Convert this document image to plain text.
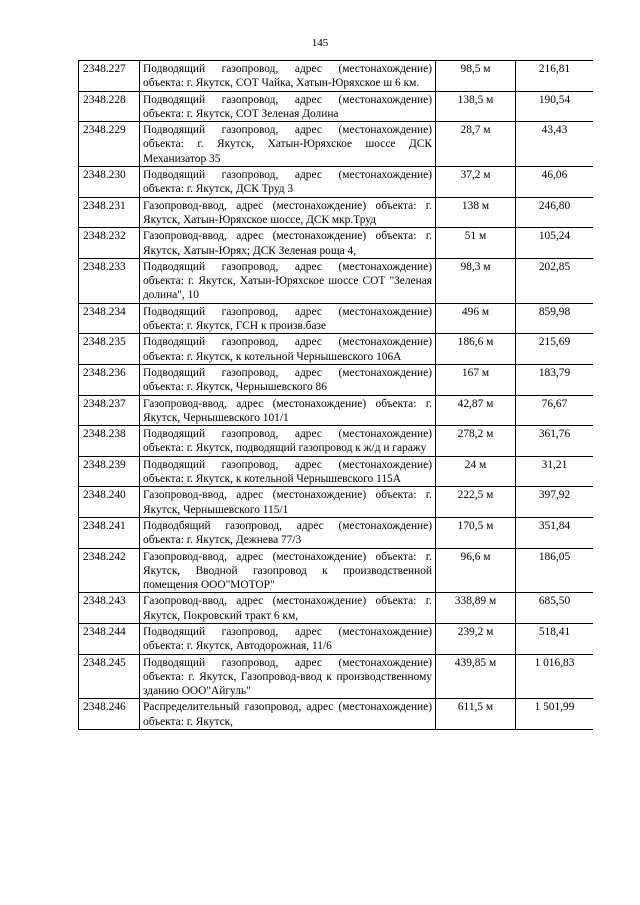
145
2348.227	Подводящий газопровод, адрес (местонахождение) объекта: г. Якутск, СОТ Чайка, Хатын-Юряхское ш 6 км.	98,5 м	216,81
2348.228	Подводящий газопровод, адрес (местонахождение) объекта: г. Якутск, СОТ Зеленая Долина	138,5 м	190,54
2348.229	Подводящий газопровод, адрес (местонахождение) объекта: г. Якутск, Хатын-Юряхское шоссе ДСК Механизатор 35	28,7 м	43,43
2348.230	Подводящий газопровод, адрес (местонахождение) объекта: г. Якутск, ДСК Труд 3	37,2 м	46,06
2348.231	Газопровод-ввод, адрес (местонахождение) объекта: г. Якутск, Хатын-Юряхское шоссе, ДСК мкр.Труд	138 м	246,80
2348.232	Газопровод-ввод, адрес (местонахождение) объекта: г. Якутск, Хатын-Юрях; ДСК Зеленая роща 4,	51 м	105,24
2348.233	Подводящий газопровод, адрес (местонахождение) объекта: г. Якутск, Хатын-Юряхское шоссе СОТ "Зеленая долина", 10	98,3 м	202,85
2348.234	Подводящий газопровод, адрес (местонахождение) объекта: г. Якутск, ГСН к произв.базе	496 м	859,98
2348.235	Подводящий газопровод, адрес (местонахождение) объекта: г. Якутск, к котельной Чернышевского 106А	186,6 м	215,69
2348.236	Подводящий газопровод, адрес (местонахождение) объекта: г. Якутск, Чернышевского 86	167 м	183,79
2348.237	Газопровод-ввод, адрес (местонахождение) объекта: г. Якутск, Чернышевского 101/1	42,87 м	76,67
2348.238	Подводящий газопровод, адрес (местонахождение) объекта: г. Якутск, подводящий газопровод к ж/д и гаражу	278,2 м	361,76
2348.239	Подводящий газопровод, адрес (местонахождение) объекта: г. Якутск, к котельной Чернышевского 115А	24 м	31,21
2348.240	Газопровод-ввод, адрес (местонахождение) объекта: г. Якутск, Чернышевского 115/1	222,5 м	397,92
2348.241	Подводбящий газопровод, адрес (местонахождение) объекта: г. Якутск, Дежнева 77/3	170,5 м	351,84
2348.242	Газопровод-ввод, адрес (местонахождение) объекта: г. Якутск, Вводной газопровод к производственной помещения ООО"МОТОР"	96,6 м	186,05
2348.243	Газопровод-ввод, адрес (местонахождение) объекта: г. Якутск, Покровский тракт 6 км,	338,89 м	685,50
2348.244	Подводящий газопровод, адрес (местонахождение) объекта: г. Якутск, Автодорожная, 11/6	239,2 м	518,41
2348.245	Подводящий газопровод, адрес (местонахождение) объекта: г. Якутск, Газопровод-ввод к производственному зданию ООО"Айгуль"	439,85 м	1 016,83
2348.246	Распределительный газопровод, адрес (местонахождение) объекта: г. Якутск,	611,5 м	1 501,99
